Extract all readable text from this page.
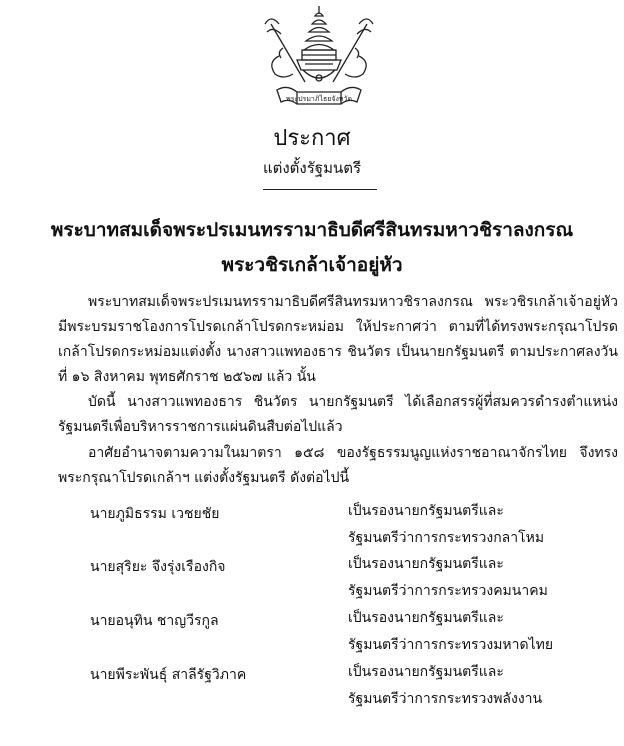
พระปรมาภิไธยจังหวัด
ประกาศ
แต่งตั้งรัฐมนตรี
พระบาทสมเด็จพระปรเมนทรรามาธิบดีศรีสินทรมหาวชิราลงกรณ
พระวชิรเกล้าเจ้าอยู่หัว

พระบาทสมเด็จพระปรเมนทรรามาธิบดีศรีสินทรมหาวชิราลงกรณ พระวชิรเกล้าเจ้าอยู่หัว มีพระบรมราชโองการโปรดเกล้าโปรดกระหม่อม ให้ประกาศว่า ตามที่ได้ทรงพระกรุณาโปรดเกล้าโปรดกระหม่อมแต่งตั้ง นางสาวแพทองธาร ชินวัตร เป็นนายกรัฐมนตรี ตามประกาศลงวันที่ ๑๖ สิงหาคม พุทธศักราช ๒๕๖๗ แล้ว นั้น

บัดนี้ นางสาวแพทองธาร ชินวัตร นายกรัฐมนตรี ได้เลือกสรรผู้ที่สมควรดำรงตำแหน่งรัฐมนตรีเพื่อบริหารราชการแผ่นดินสืบต่อไปแล้ว

อาศัยอำนาจตามความในมาตรา ๑๕๘ ของรัฐธรรมนูญแห่งราชอาณาจักรไทย จึงทรงพระกรุณาโปรดเกล้าฯ แต่งตั้งรัฐมนตรี ดังต่อไปนี้

นายภูมิธรรม เวชยชัย	เป็นรองนายกรัฐมนตรีและ
รัฐมนตรีว่าการกระทรวงกลาโหม
นายสุริยะ จึงรุ่งเรืองกิจ	เป็นรองนายกรัฐมนตรีและ
รัฐมนตรีว่าการกระทรวงคมนาคม
นายอนุทิน ชาญวีรกูล	เป็นรองนายกรัฐมนตรีและ
รัฐมนตรีว่าการกระทรวงมหาดไทย
นายพีระพันธุ์ สาลีรัฐวิภาค	เป็นรองนายกรัฐมนตรีและ
รัฐมนตรีว่าการกระทรวงพลังงาน
